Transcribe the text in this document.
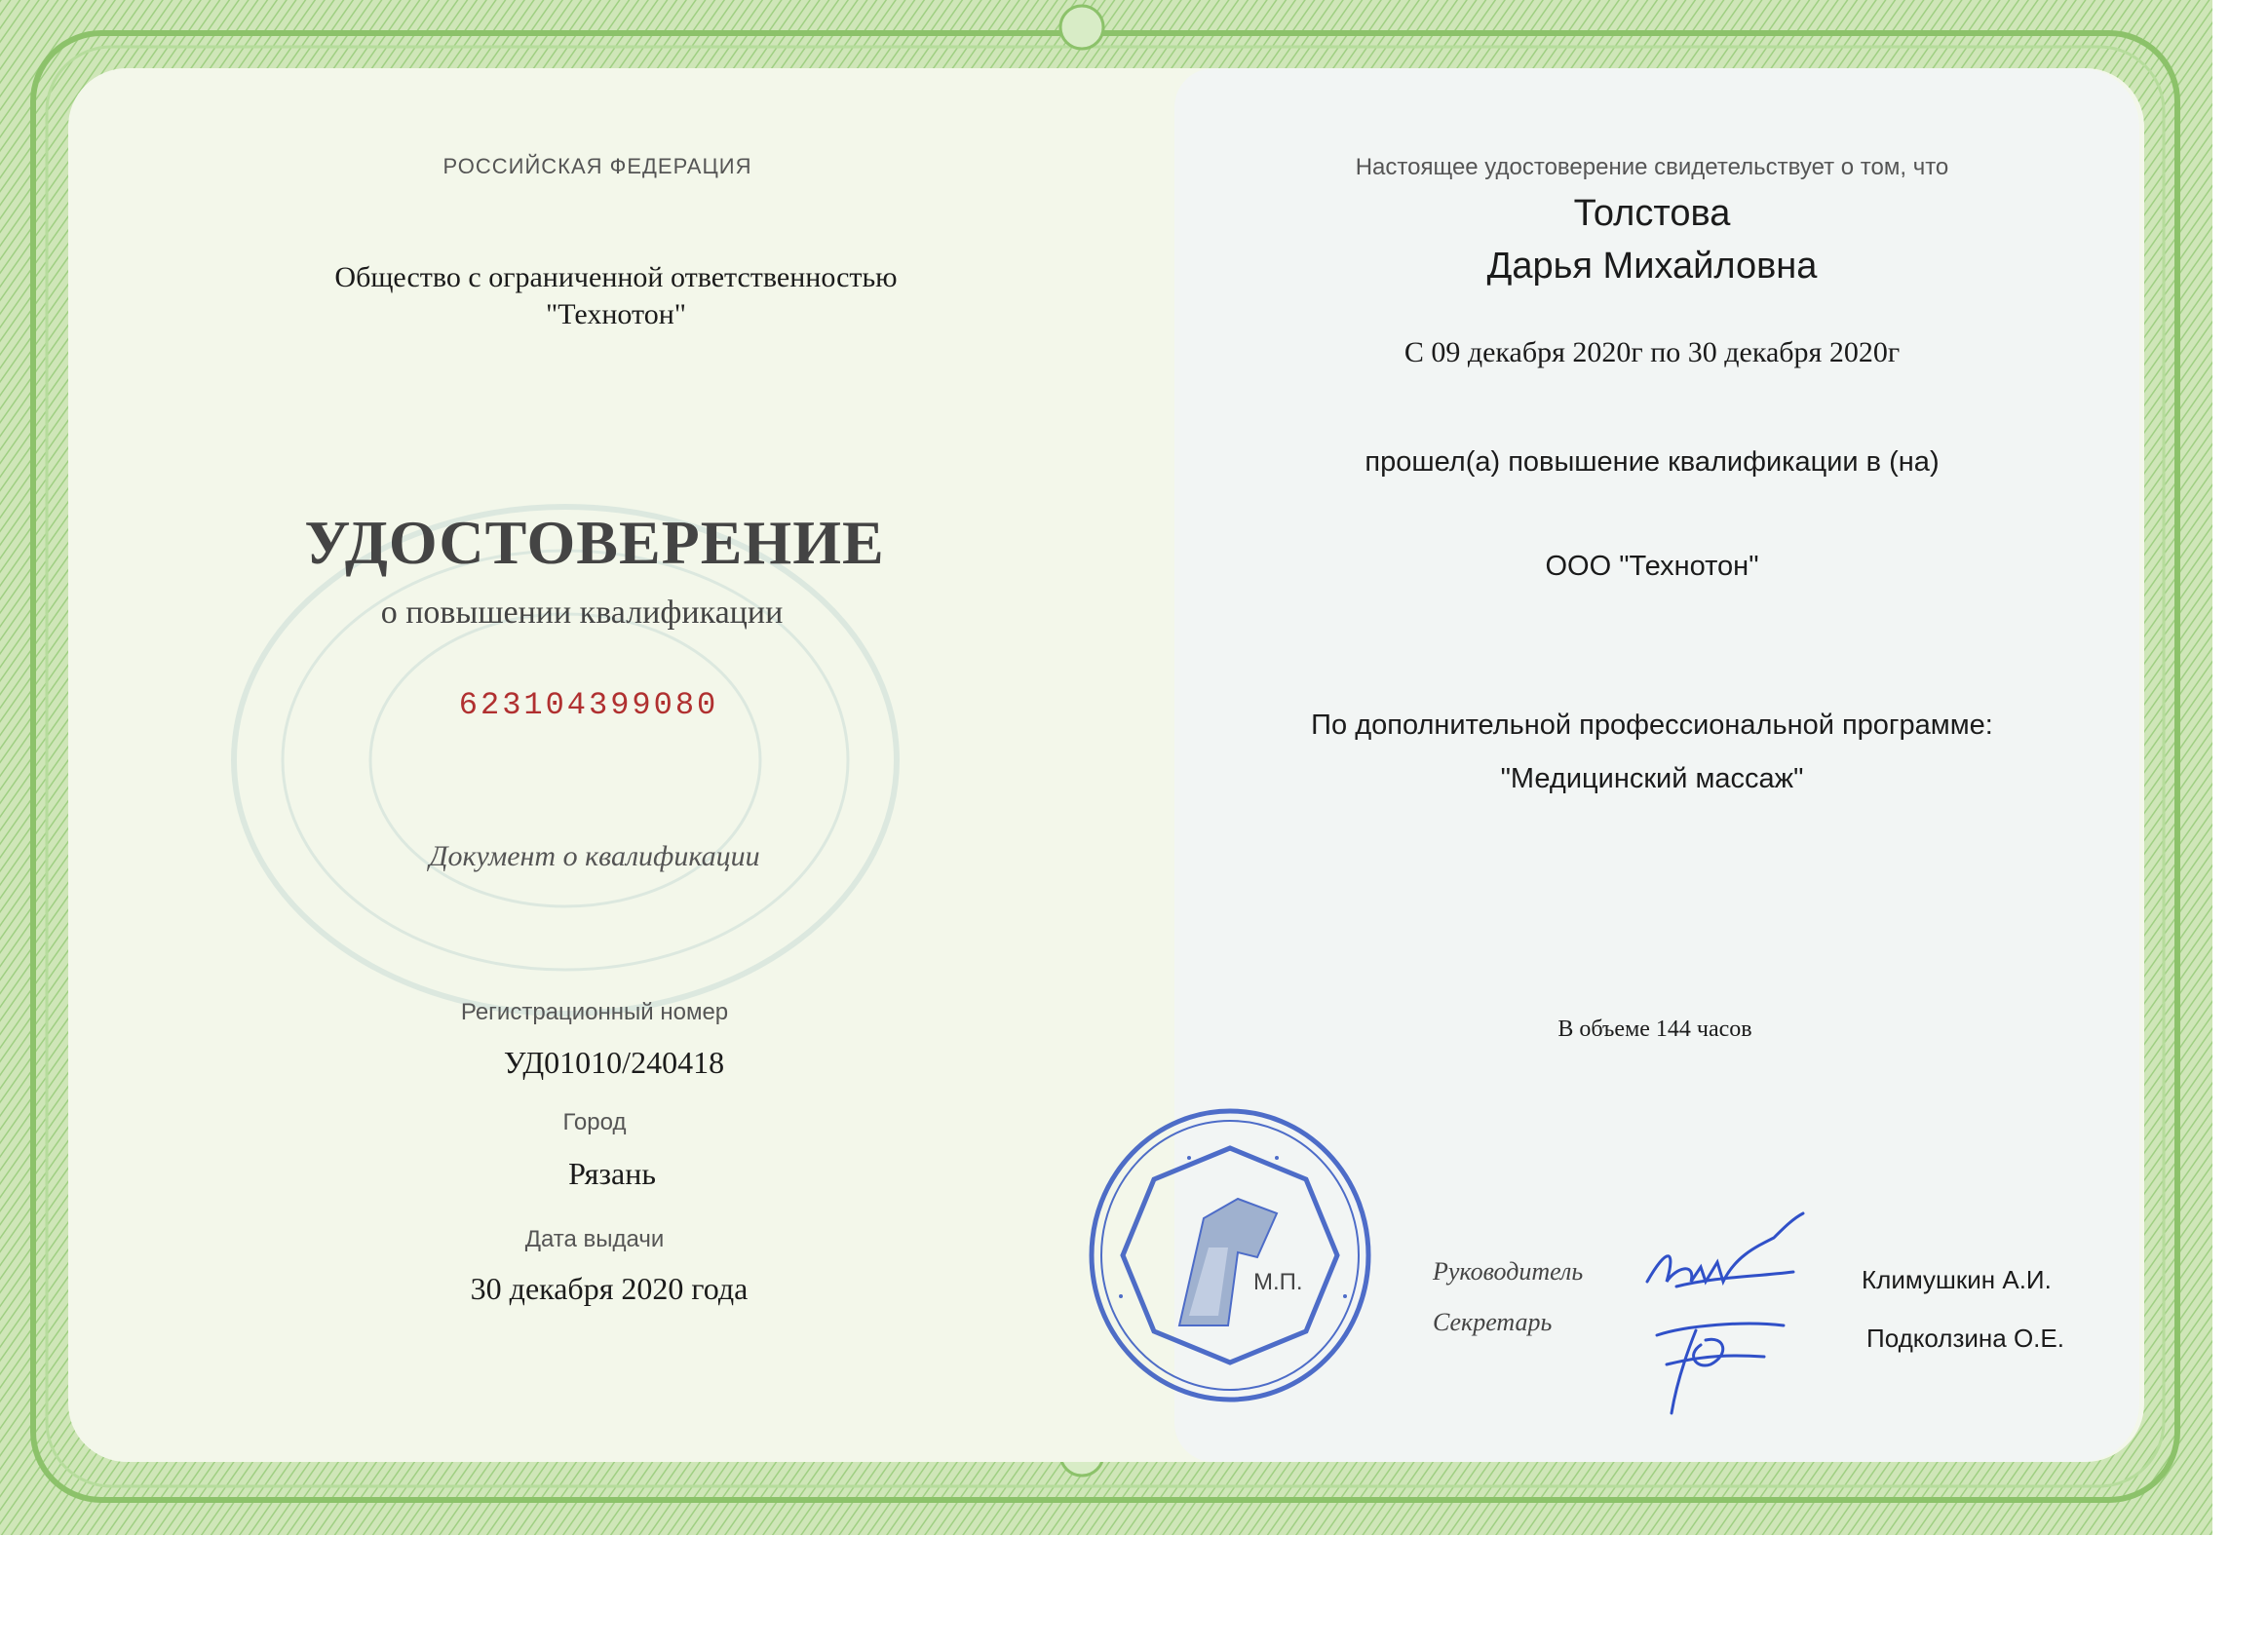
РОССИЙСКАЯ ФЕДЕРАЦИЯ
Общество с ограниченной ответственностью
"Технотон"
УДОСТОВЕРЕНИЕ
о повышении квалификации
623104399080
Документ о квалификации
Регистрационный номер
УД01010/240418
Город
Рязань
Дата выдачи
30 декабря 2020 года
Настоящее удостоверение свидетельствует о том, что
Толстова
Дарья Михайловна
С 09 декабря 2020г по 30 декабря 2020г
прошел(а) повышение квалификации в (на)
ООО "Технотон"
По дополнительной профессиональной программе:
"Медицинский массаж"
В объеме 144 часов
М.П.	Руководитель
Секретарь
Климушкин А.И.
Подколзина О.Е.
